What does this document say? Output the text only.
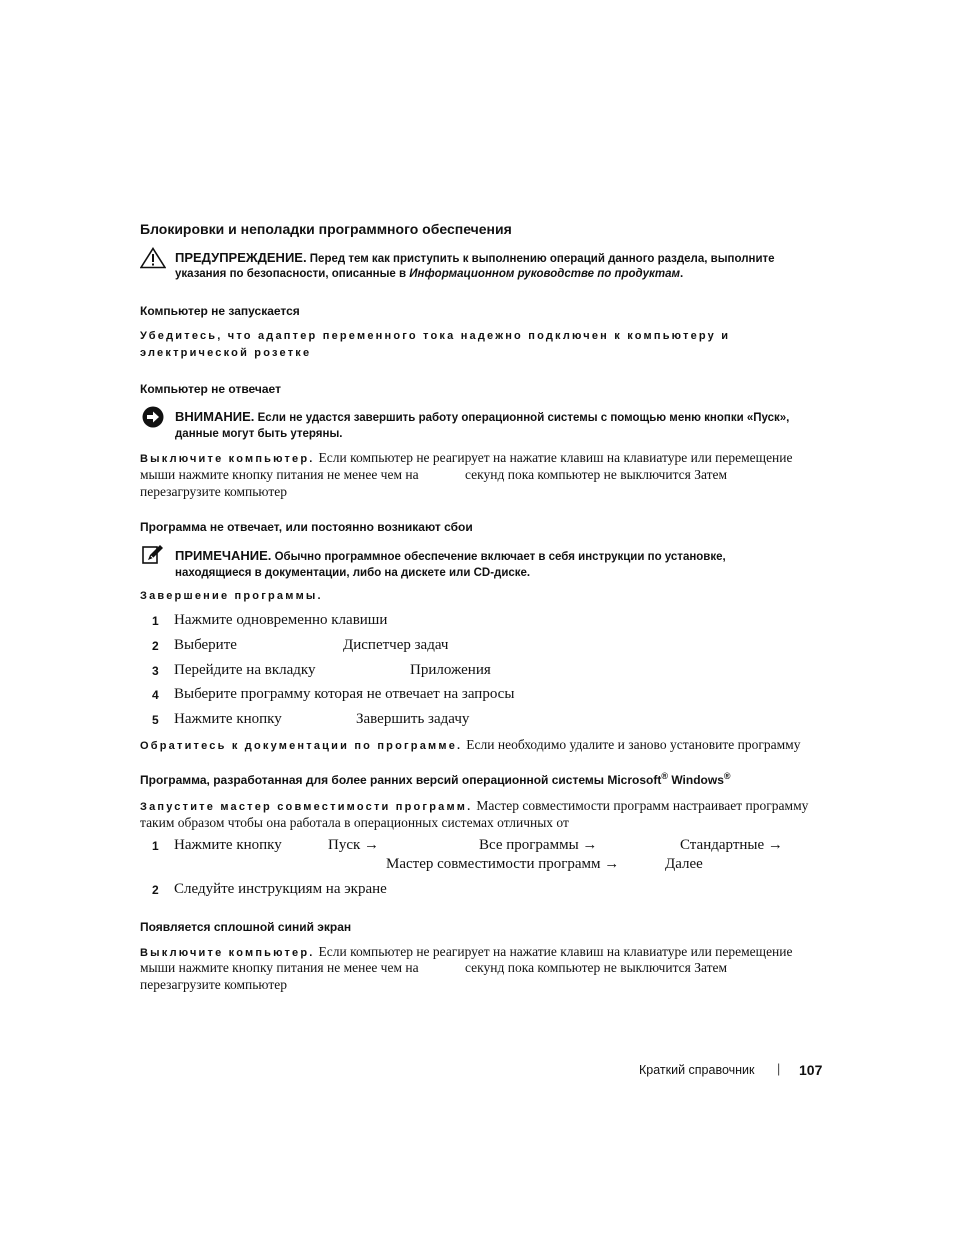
Блокировки и неполадки программного обеспечения
ПРЕДУПРЕЖДЕНИЕ. Перед тем как приступить к выполнению операций данного раздела, выполните
указания по безопасности, описанные в Информационном руководстве по продуктам.
Компьютер не запускается
Убедитесь, что адаптер переменного тока надежно подключен к компьютеру и
электрической розетке
Компьютер не отвечает
ВНИМАНИЕ. Если не удастся завершить работу операционной системы с помощью меню кнопки «Пуск»,
данные могут быть утеряны.
Выключите компьютер. Если компьютер не реагирует на нажатие клавиш на клавиатуре или перемещение
мыши нажмите кнопку питания не менее чем на	секунд пока компьютер не выключится Затем
перезагрузите компьютер
Программа не отвечает, или постоянно возникают сбои
ПРИМЕЧАНИЕ. Обычно программное обеспечение включает в себя инструкции по установке,
находящиеся в документации, либо на дискете или CD-диске.
Завершение программы.
1 Нажмите одновременно клавиши
2 Выберите	Диспетчер задач
3 Перейдите на вкладку	Приложения
4 Выберите программу которая не отвечает на запросы
5 Нажмите кнопку	Завершить задачу
Обратитесь к документации по программе. Если необходимо удалите и заново установите программу
Программа, разработанная для более ранних версий операционной системы Microsoft® Windows®
Запустите мастер совместимости программ. Мастер совместимости программ настраивает программу
таким образом чтобы она работала в операционных системах отличных от
1 Нажмите кнопку	Пуск →	Все программы →	Стандартные →
Мастер совместимости программ →	Далее
2 Следуйте инструкциям на экране
Появляется сплошной синий экран
Выключите компьютер. Если компьютер не реагирует на нажатие клавиш на клавиатуре или перемещение
мыши нажмите кнопку питания не менее чем на	секунд пока компьютер не выключится Затем
перезагрузите компьютер
Краткий справочник | 107
